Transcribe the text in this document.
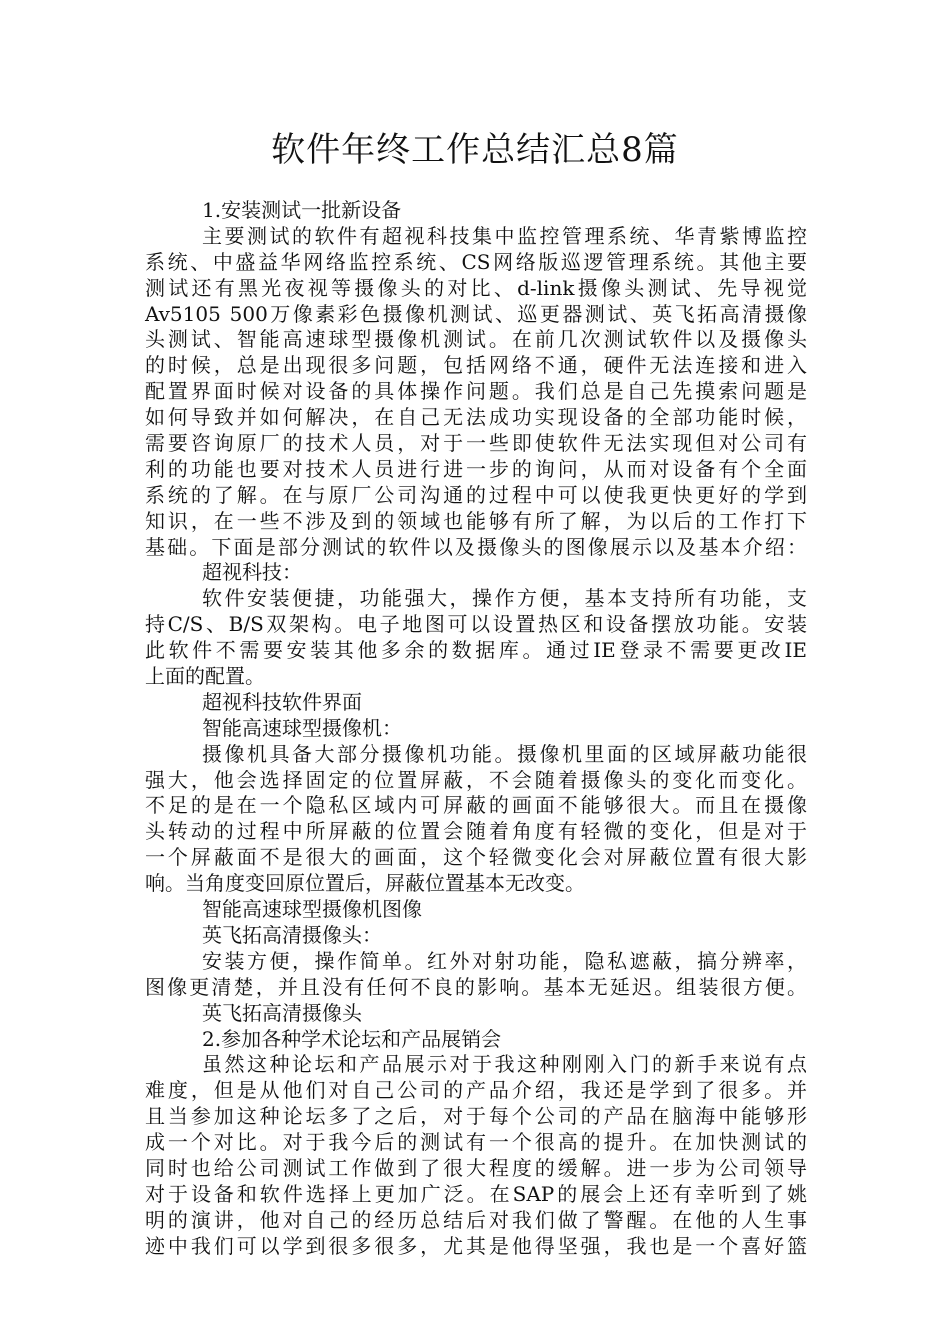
软件年终工作总结汇总8篇
1.安装测试一批新设备
主要测试的软件有超视科技集中监控管理系统、华青紫博监控
系统、中盛益华网络监控系统、CS网络版巡逻管理系统。其他主要
测试还有黑光夜视等摄像头的对比、d-link摄像头测试、先导视觉
Av5105 500万像素彩色摄像机测试、巡更器测试、英飞拓高清摄像
头测试、智能高速球型摄像机测试。在前几次测试软件以及摄像头
的时候，总是出现很多问题，包括网络不通，硬件无法连接和进入
配置界面时候对设备的具体操作问题。我们总是自己先摸索问题是
如何导致并如何解决，在自己无法成功实现设备的全部功能时候，
需要咨询原厂的技术人员，对于一些即使软件无法实现但对公司有
利的功能也要对技术人员进行进一步的询问，从而对设备有个全面
系统的了解。在与原厂公司沟通的过程中可以使我更快更好的学到
知识，在一些不涉及到的领域也能够有所了解，为以后的工作打下
基础。下面是部分测试的软件以及摄像头的图像展示以及基本介绍：
超视科技：
软件安装便捷，功能强大，操作方便，基本支持所有功能，支
持C/S、B/S双架构。电子地图可以设置热区和设备摆放功能。安装
此软件不需要安装其他多余的数据库。通过IE登录不需要更改IE
上面的配置。
超视科技软件界面
智能高速球型摄像机：
摄像机具备大部分摄像机功能。摄像机里面的区域屏蔽功能很
强大，他会选择固定的位置屏蔽，不会随着摄像头的变化而变化。
不足的是在一个隐私区域内可屏蔽的画面不能够很大。而且在摄像
头转动的过程中所屏蔽的位置会随着角度有轻微的变化，但是对于
一个屏蔽面不是很大的画面，这个轻微变化会对屏蔽位置有很大影
响。当角度变回原位置后，屏蔽位置基本无改变。
智能高速球型摄像机图像
英飞拓高清摄像头：
安装方便，操作简单。红外对射功能，隐私遮蔽，搞分辨率，
图像更清楚，并且没有任何不良的影响。基本无延迟。组装很方便。
英飞拓高清摄像头
2.参加各种学术论坛和产品展销会
虽然这种论坛和产品展示对于我这种刚刚入门的新手来说有点
难度，但是从他们对自己公司的产品介绍，我还是学到了很多。并
且当参加这种论坛多了之后，对于每个公司的产品在脑海中能够形
成一个对比。对于我今后的测试有一个很高的提升。在加快测试的
同时也给公司测试工作做到了很大程度的缓解。进一步为公司领导
对于设备和软件选择上更加广泛。在SAP的展会上还有幸听到了姚
明的演讲，他对自己的经历总结后对我们做了警醒。在他的人生事
迹中我们可以学到很多很多，尤其是他得坚强，我也是一个喜好篮
